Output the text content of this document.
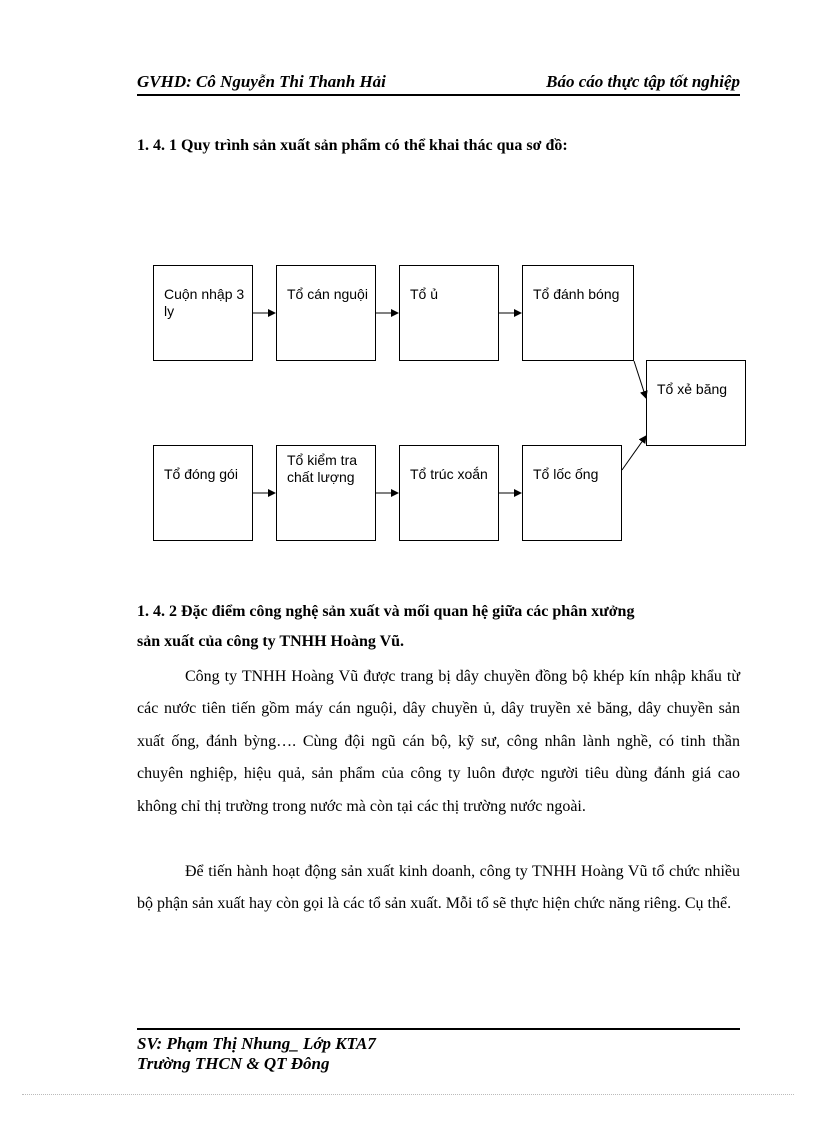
GVHD: Cô Nguyễn Thi Thanh Hải	Báo cáo thực tập tốt nghiệp
1. 4. 1 Quy trình sản xuất sản phẩm có thể khai thác qua sơ đồ:
Cuộn nhập 3 ly
Tổ cán nguội	Tổ ủ	Tổ đánh bóng
Tổ xẻ băng
Tổ đóng gói
Tổ kiểm tra chất lượng	Tổ trúc xoắn	Tổ lốc ống
1. 4. 2 Đặc điểm công nghệ sản xuất và mối quan hệ giữa các phân xưởng
sản xuất của công ty TNHH Hoàng Vũ.

Công ty TNHH Hoàng Vũ được trang bị dây chuyền đồng bộ khép kín nhập khẩu từ các nước tiên tiến gồm máy cán nguội, dây chuyền ủ, dây truyền xẻ băng, dây chuyền sản xuất ống, đánh bỳng…. Cùng đội ngũ cán bộ, kỹ sư, công nhân lành nghề, có tinh thần chuyên nghiệp, hiệu quả, sản phẩm của công ty luôn được người tiêu dùng đánh giá cao không chỉ thị trường trong nước mà còn tại các thị trường nước ngoài.

Để tiến hành hoạt động sản xuất kinh doanh, công ty TNHH Hoàng Vũ tổ chức nhiều bộ phận sản xuất hay còn gọi là các tổ sản xuất. Mỗi tổ sẽ thực hiện chức năng riêng. Cụ thể.

SV: Phạm Thị Nhung_ Lớp KTA7
Trường THCN & QT Đông
